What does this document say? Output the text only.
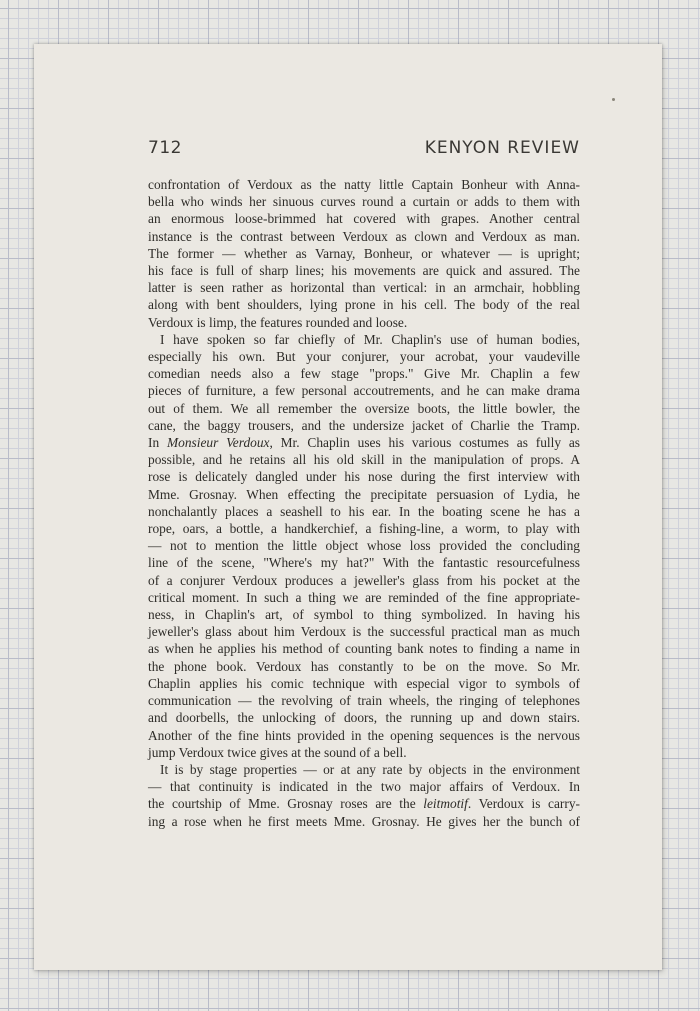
712	KENYON REVIEW
confrontation of Verdoux as the natty little Captain Bonheur with Anna-
bella who winds her sinuous curves round a curtain or adds to them with
an enormous loose-brimmed hat covered with grapes. Another central
instance is the contrast between Verdoux as clown and Verdoux as man.
The former — whether as Varnay, Bonheur, or whatever — is upright;
his face is full of sharp lines; his movements are quick and assured. The
latter is seen rather as horizontal than vertical: in an armchair, hobbling
along with bent shoulders, lying prone in his cell. The body of the real
Verdoux is limp, the features rounded and loose.
I have spoken so far chiefly of Mr. Chaplin's use of human bodies,
especially his own. But your conjurer, your acrobat, your vaudeville
comedian needs also a few stage "props." Give Mr. Chaplin a few
pieces of furniture, a few personal accoutrements, and he can make drama
out of them. We all remember the oversize boots, the little bowler, the
cane, the baggy trousers, and the undersize jacket of Charlie the Tramp.
In Monsieur Verdoux, Mr. Chaplin uses his various costumes as fully as
possible, and he retains all his old skill in the manipulation of props. A
rose is delicately dangled under his nose during the first interview with
Mme. Grosnay. When effecting the precipitate persuasion of Lydia, he
nonchalantly places a seashell to his ear. In the boating scene he has a
rope, oars, a bottle, a handkerchief, a fishing-line, a worm, to play with
— not to mention the little object whose loss provided the concluding
line of the scene, "Where's my hat?" With the fantastic resourcefulness
of a conjurer Verdoux produces a jeweller's glass from his pocket at the
critical moment. In such a thing we are reminded of the fine appropriate-
ness, in Chaplin's art, of symbol to thing symbolized. In having his
jeweller's glass about him Verdoux is the successful practical man as much
as when he applies his method of counting bank notes to finding a name in
the phone book. Verdoux has constantly to be on the move. So Mr.
Chaplin applies his comic technique with especial vigor to symbols of
communication — the revolving of train wheels, the ringing of telephones
and doorbells, the unlocking of doors, the running up and down stairs.
Another of the fine hints provided in the opening sequences is the nervous
jump Verdoux twice gives at the sound of a bell.
It is by stage properties — or at any rate by objects in the environment
— that continuity is indicated in the two major affairs of Verdoux. In
the courtship of Mme. Grosnay roses are the leitmotif. Verdoux is carry-
ing a rose when he first meets Mme. Grosnay. He gives her the bunch of
